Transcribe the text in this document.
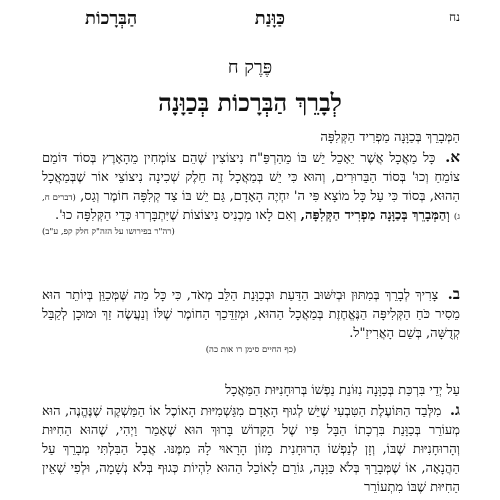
נח
כַּוָּנַת
הַבְּרָכוֹת
פֶּרֶק ח
לְבָרֵךְ הַבְּרָכוֹת בְּכַוָּנָה
הַמְּבָרֵךְ בְּכַוָּנָה מַפְרִיד הַקְּלִפָּה
א. כָּל מַאֲכָל אֲשֶׁר יֵאָכֵל יֵשׁ בּוֹ מֵהַרְפַּ"ח נִיצוֹצִין שֶׁהֵם צוֹמְחִין מֵהָאָרֶץ בְּסוֹד דּוֹמֵם צוֹמֵחַ וְכוּ' בְּסוֹד הַבֵּרוּרִים, וְהוּא כִּי יֵשׁ בְּמַאֲכָל זֶה חֵלֶק שְׁכִינָה נִיצוֹצֵי אוֹר שֶׁבְּמַאֲכָל הַהוּא, בְּסוֹד כִּי עַל כָּל מוֹצָא פִּי ה' יִחְיֶה הָאָדָם, גַּם יֵשׁ בּוֹ צַד קְלִפָּה חוֹמֶר וְגַס, (דברים ח, ג) וְהַמְּבָרֵךְ בְּכַוָּנָה מַפְרִיד הַקְּלִפָּה, וְאִם לָאו מַכְנִיס נִיצוֹצוֹת שֶׁיִּתְבָּרְרוּ כְּדֵי הַקְּלִפָּה כוּ'.
(רה"ר בפירושו על הזה"ק חלק קפ, ע"ב)
ב. צָרִיךְ לְבָרֵךְ בְּמִתּוּן וּבְיִשּׁוּב הַדַּעַת וּבְכַוָּנַת הַלֵּב מְאֹד, כִּי כָּל מַה שֶּׁמְּכַוֵּן בְּיוֹתֵר הוּא מֵסִיר כֹּחַ הַקְּלִיפָּה הַנֶּאֱחֶזֶת בְּמַאֲכָל הַהוּא, וּמְזַדֵּכֵךְ הַחוֹמֶר שֶׁלּוֹ וְנַעֲשֶׂה זַךְ וּמוּכָן לְקַבֵּל קְדֻשָּׁה, בְּשֵׁם הָאֲרִיזַ"ל.
(כף החיים סימן רו אות כה)
עַל יְדֵי בִּרְכַּת בְּכַוָּנָה נִזּוֹנֵת נַפְשׁוֹ בְּרוּחָנִיּוּת הַמַּאֲכָל
ג. מִלְּבַד הַתּוֹעֶלֶת הַטִּבְעִי שֶׁיֵּשׁ לְגוּף הָאָדָם מִגַּשְׁמִיּוּת הָאוֹכֶל אוֹ הַמַּשְׁקֶה שֶׁנֶּהֱנֶה, הוּא מְעוֹרֵר בְּכַוָּנַת בִּרְכָתוֹ הַבָּל פִּיו שֶׁל הַקָּדוֹשׁ בָּרוּךְ הוּא שֶׁאָמַר וַיְהִי, שֶׁהוּא הַחִיּוּת וְהָרוּחָנִיּוּת שֶׁבּוֹ, וְזָן לְנַפְשׁוֹ הָרוּחָנִית מָזוֹן הָרָאוּי לָהּ מִמֶּנּוּ. אֲבָל הַבִּלְתִּי מְבָרֵךְ עַל הַהֲנָאָה, אוֹ שֶׁמְּבָרֵךְ בְּלֹא כַּוָּנָה, גּוֹרֵם לָאוֹכֵל הַהוּא לִהְיוֹת כְּגוּף בְּלֹא נְשָׁמָה, וּלְפִי שֶׁאֵין הַחִיּוּת שֶׁבּוֹ מִתְעוֹרֵר
